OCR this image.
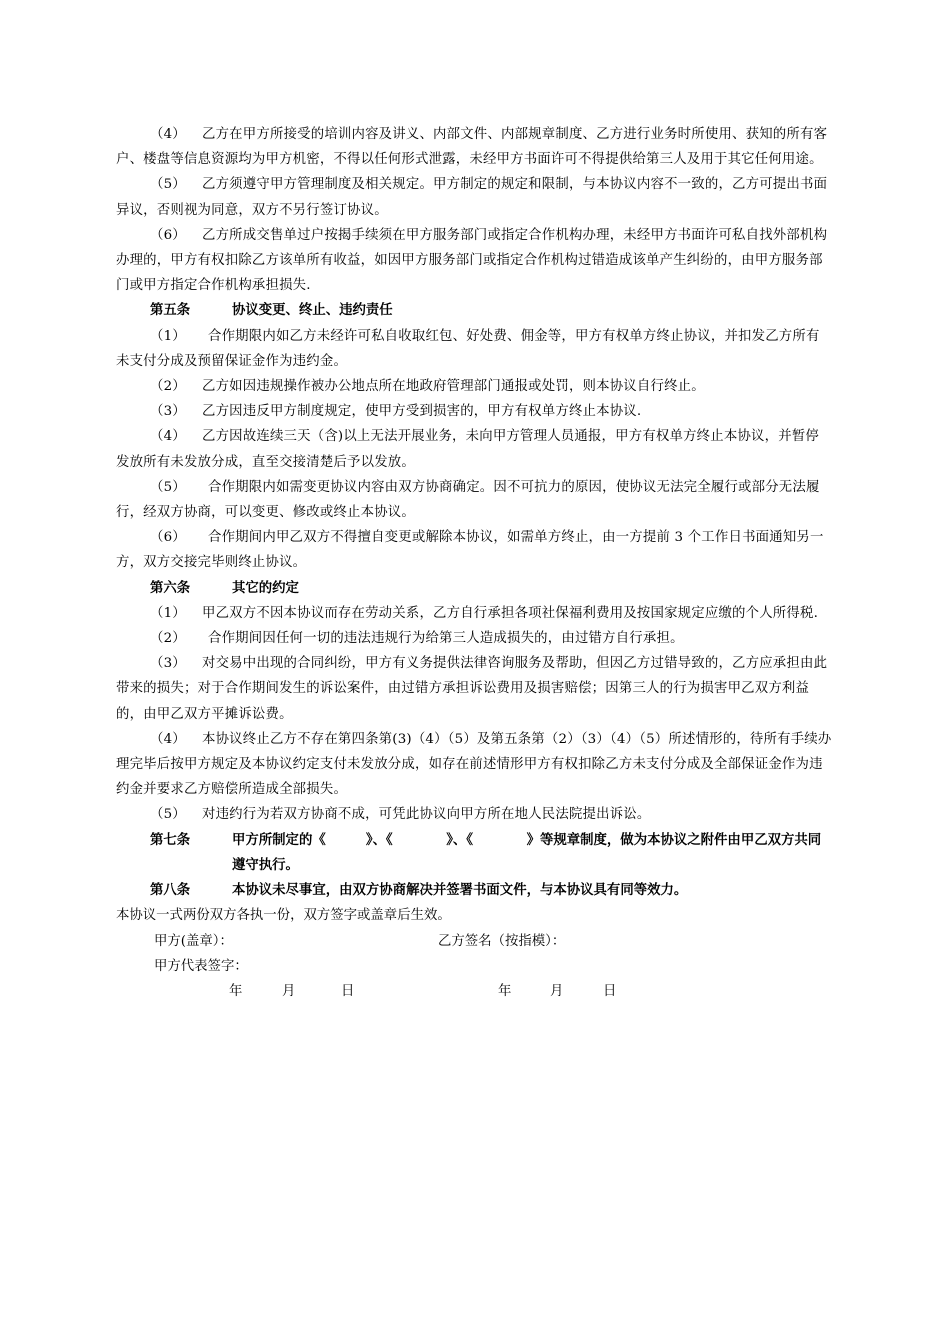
（4） 乙方在甲方所接受的培训内容及讲义、内部文件、内部规章制度、乙方进行业务时所使用、获知的所有客户、楼盘等信息资源均为甲方机密，不得以任何形式泄露，未经甲方书面许可不得提供给第三人及用于其它任何用途。

（5） 乙方须遵守甲方管理制度及相关规定。甲方制定的规定和限制，与本协议内容不一致的，乙方可提出书面异议，否则视为同意，双方不另行签订协议。

（6） 乙方所成交售单过户按揭手续须在甲方服务部门或指定合作机构办理，未经甲方书面许可私自找外部机构办理的，甲方有权扣除乙方该单所有收益，如因甲方服务部门或指定合作机构过错造成该单产生纠纷的，由甲方服务部门或甲方指定合作机构承担损失.

第五条	协议变更、终止、违约责任

（1） 合作期限内如乙方未经许可私自收取红包、好处费、佣金等，甲方有权单方终止协议，并扣发乙方所有未支付分成及预留保证金作为违约金。

（2） 乙方如因违规操作被办公地点所在地政府管理部门通报或处罚，则本协议自行终止。

（3） 乙方因违反甲方制度规定，使甲方受到损害的，甲方有权单方终止本协议.

（4） 乙方因故连续三天（含)以上无法开展业务，未向甲方管理人员通报，甲方有权单方终止本协议，并暂停发放所有未发放分成，直至交接清楚后予以发放。

（5） 合作期限内如需变更协议内容由双方协商确定。因不可抗力的原因，使协议无法完全履行或部分无法履行，经双方协商，可以变更、修改或终止本协议。

（6） 合作期间内甲乙双方不得擅自变更或解除本协议，如需单方终止，由一方提前 3 个工作日书面通知另一方，双方交接完毕则终止协议。

第六条	其它的约定

（1） 甲乙双方不因本协议而存在劳动关系，乙方自行承担各项社保福利费用及按国家规定应缴的个人所得税.

（2） 合作期间因任何一切的违法违规行为给第三人造成损失的，由过错方自行承担。

（3） 对交易中出现的合同纠纷，甲方有义务提供法律咨询服务及帮助，但因乙方过错导致的，乙方应承担由此带来的损失；对于合作期间发生的诉讼案件，由过错方承担诉讼费用及损害赔偿；因第三人的行为损害甲乙双方利益的，由甲乙双方平摊诉讼费。

（4） 本协议终止乙方不存在第四条第(3)（4）（5）及第五条第（2）（3）（4）（5）所述情形的，待所有手续办理完毕后按甲方规定及本协议约定支付未发放分成，如存在前述情形甲方有权扣除乙方未支付分成及全部保证金作为违约金并要求乙方赔偿所造成全部损失。

（5） 对违约行为若双方协商不成，可凭此协议向甲方所在地人民法院提出诉讼。

第七条	甲方所制定的《　　　》、《　　　　》、《　　　　》等规章制度，做为本协议之附件由甲乙双方共同遵守执行。

第八条	本协议未尽事宜，由双方协商解决并签署书面文件，与本协议具有同等效力。

本协议一式两份双方各执一份，双方签字或盖章后生效。

甲方(盖章）：	乙方签名（按指模）：
甲方代表签字：
年	月	日	年	月	日
